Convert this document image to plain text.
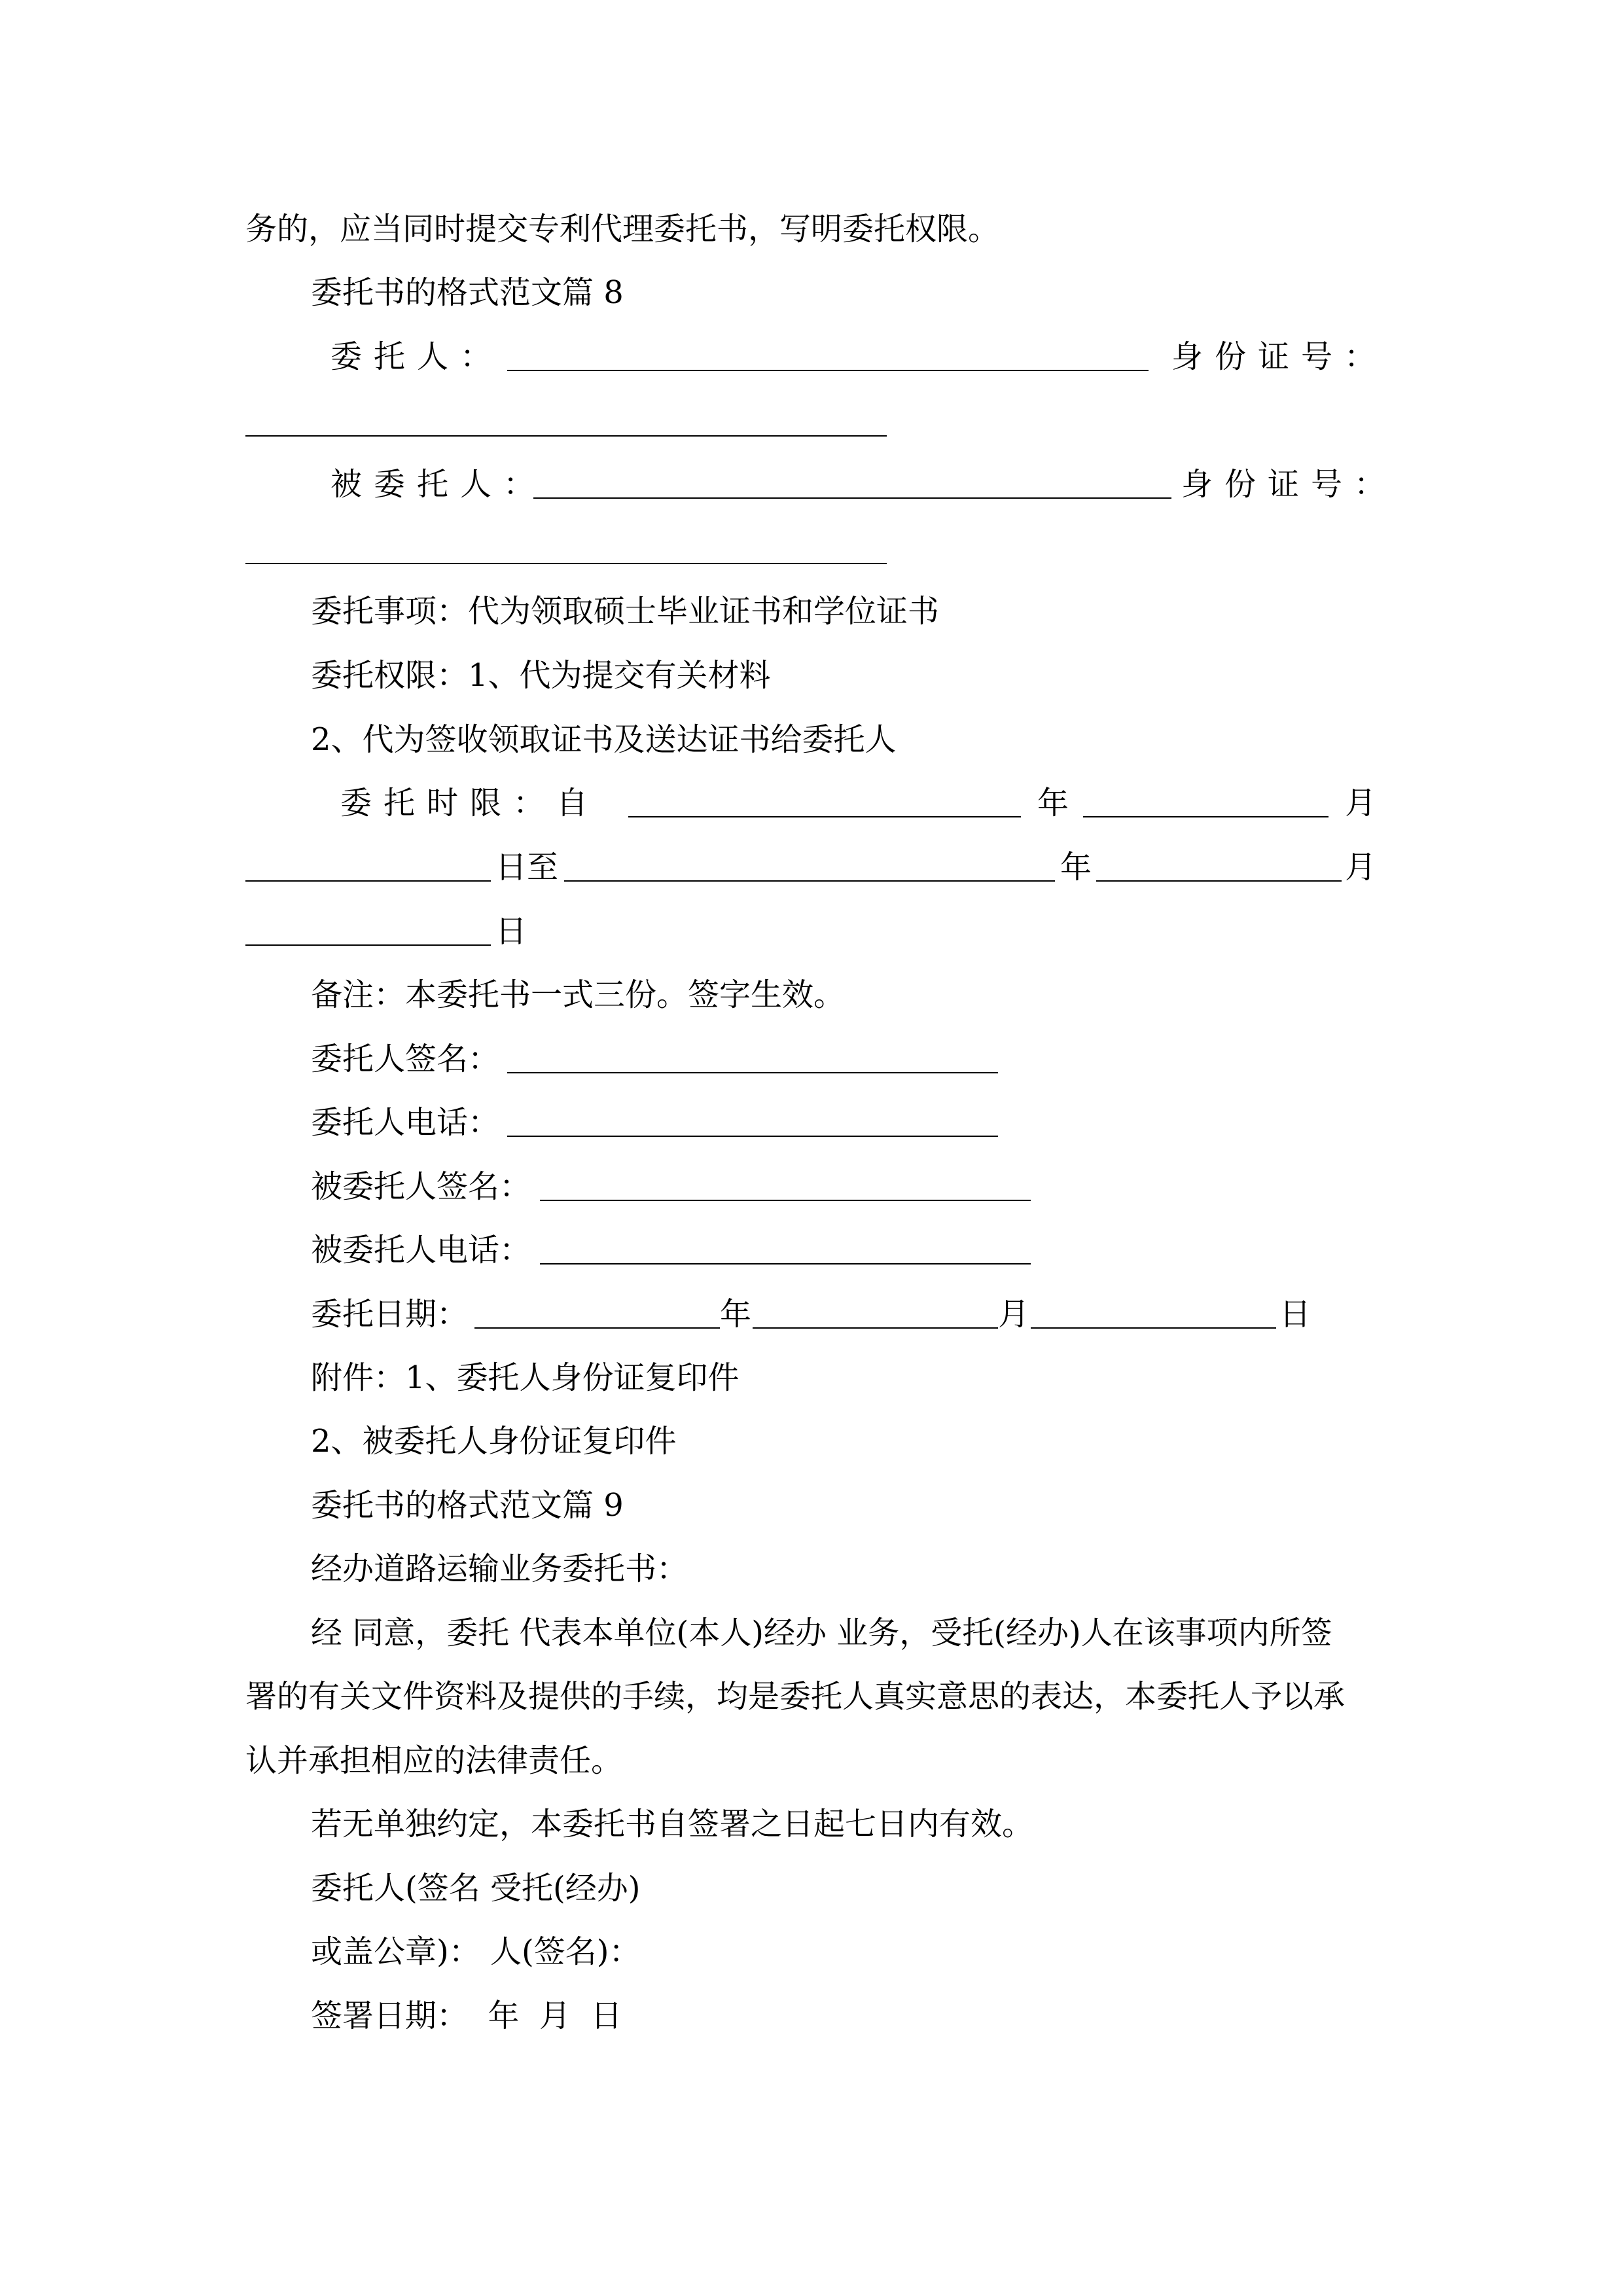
务的，应当同时提交专利代理委托书，写明委托权限。
委托书的格式范文篇 8
委托人：	身份证号：
被委托人：	身份证号：
委托事项：代为领取硕士毕业证书和学位证书
委托权限：1、代为提交有关材料
2、代为签收领取证书及送达证书给委托人
委托时限：自	年	月
日至	年	月
日
备注：本委托书一式三份。签字生效。
委托人签名：
委托人电话：
被委托人签名：
被委托人电话：
委托日期：	年	月	日
附件：1、委托人身份证复印件
2、被委托人身份证复印件
委托书的格式范文篇 9
经办道路运输业务委托书：
经 同意，委托 代表本单位(本人)经办 业务，受托(经办)人在该事项内所签
署的有关文件资料及提供的手续，均是委托人真实意思的表达，本委托人予以承
认并承担相应的法律责任。
若无单独约定，本委托书自签署之日起七日内有效。
委托人(签名 受托(经办)
或盖公章)： 人(签名)：
签署日期：  年  月  日
